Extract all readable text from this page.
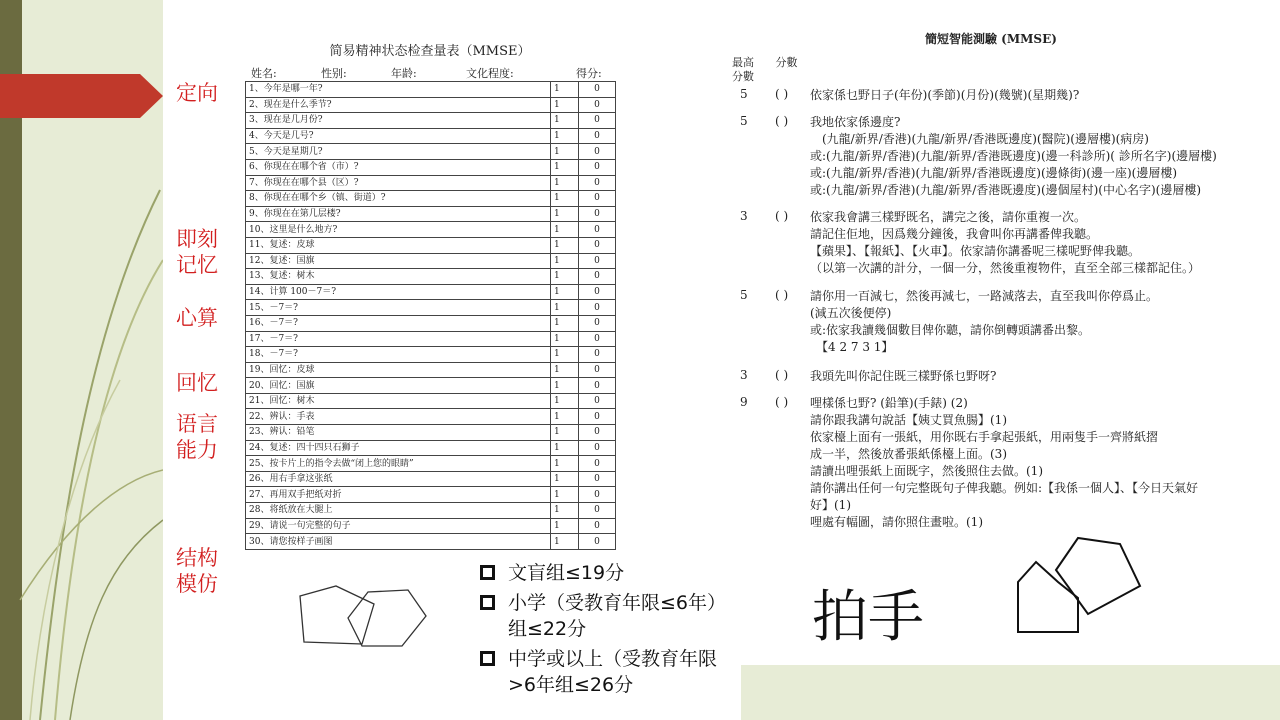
定向
即刻
记忆
心算
回忆
语言
能力
结构
模仿
简易精神状态检查量表（MMSE）
姓名:	性别:	年龄:	文化程度:	得分:
1、今年是哪一年?	1	0
2、现在是什么季节?	1	0
3、现在是几月份?	1	0
4、今天是几号?	1	0
5、今天是星期几?	1	0
6、你现在在哪个省（市）?	1	0
7、你现在在哪个县（区）?	1	0
8、你现在在哪个乡（镇、街道）?	1	0
9、你现在在第几层楼?	1	0
10、这里是什么地方?	1	0
11、复述：皮球	1	0
12、复述：国旗	1	0
13、复述：树木	1	0
14、计算 100－7＝?	1	0
15、－7＝?	1	0
16、－7＝?	1	0
17、－7＝?	1	0
18、－7＝?	1	0
19、回忆：皮球	1	0
20、回忆：国旗	1	0
21、回忆：树木	1	0
22、辨认：手表	1	0
23、辨认：铅笔	1	0
24、复述：四十四只石狮子	1	0
25、按卡片上的指令去做“闭上您的眼睛”	1	0
26、用右手拿这张纸	1	0
27、再用双手把纸对折	1	0
28、将纸放在大腿上	1	0
29、请说一句完整的句子	1	0
30、请您按样子画图	1	0
文盲组≤19分
小学（受教育年限≤6年）组≤22分
中学或以上（受教育年限>6年组≤26分
簡短智能測驗 (MMSE)
最高
分數
分數
5	( ) 依家係乜野日子(年份)(季節)(月份)(幾號)(星期幾)?
5	( ) 我地依家係邊度?
　(九龍/新界/香港)(九龍/新界/香港既邊度)(醫院)(邊層樓)(病房)
或:(九龍/新界/香港)(九龍/新界/香港既邊度)(邊一科診所)( 診所名字)(邊層樓)
或:(九龍/新界/香港)(九龍/新界/香港既邊度)(邊條街)(邊一座)(邊層樓)
或:(九龍/新界/香港)(九龍/新界/香港既邊度)(邊個屋村)(中心名字)(邊層樓)
3	( ) 依家我會講三樣野既名，講完之後，請你重複一次。
請記住佢地，因爲幾分鐘後，我會叫你再講番俾我聽。
【蘋果】、【報紙】、【火車】。依家請你講番呢三樣呢野俾我聽。
（以第一次講的計分，一個一分，然後重複物件，直至全部三樣都記住。）
5	( ) 請你用一百減七，然後再減七，一路減落去，直至我叫你停爲止。
(減五次後便停)
或:依家我讀幾個數目俾你聽，請你倒轉頭講番出黎。
　【4 2 7 3 1】
3	( ) 我頭先叫你記住既三樣野係乜野呀?
9	( ) 哩樣係乜野? (鉛筆)(手錶) (2)
請你跟我講句說話【姨丈買魚腸】(1)
依家檯上面有一張紙，用你既右手拿起張紙，用兩隻手一齊將紙摺
成一半，然後放番張紙係檯上面。(3)
請讀出哩張紙上面既字，然後照住去做。(1)
請你講出任何一句完整既句子俾我聽。例如:【我係一個人】、【今日天氣好
好】(1)
哩處有幅圖，請你照住畫啦。(1)
拍手
